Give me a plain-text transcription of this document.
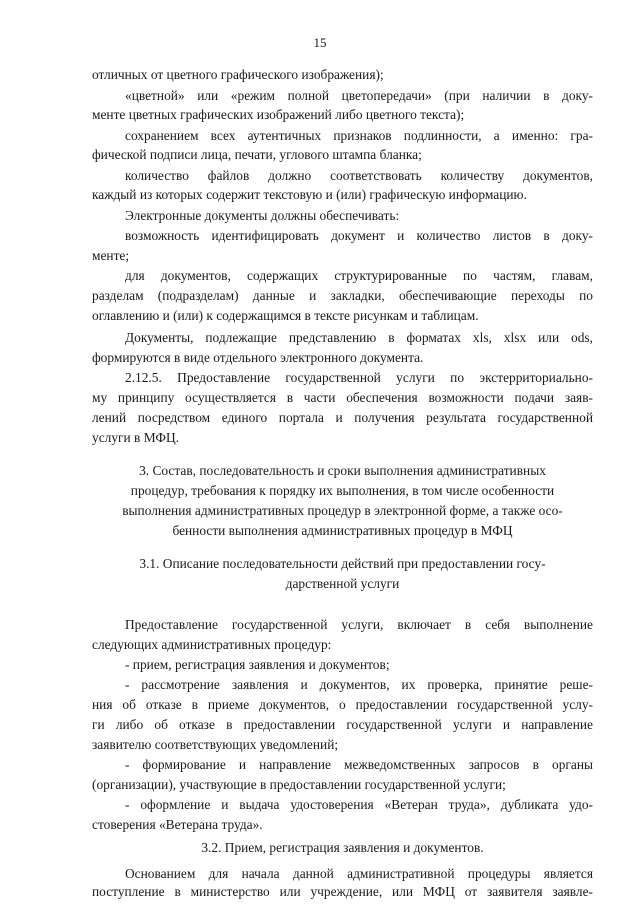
15
отличных от цветного графического изображения);
«цветной» или «режим полной цветопередачи» (при наличии в доку-
менте цветных графических изображений либо цветного текста);
сохранением всех аутентичных признаков подлинности, а именно: гра-
фической подписи лица, печати, углового штампа бланка;
количество файлов должно соответствовать количеству документов,
каждый из которых содержит текстовую и (или) графическую информацию.
Электронные документы должны обеспечивать:
возможность идентифицировать документ и количество листов в доку-
менте;
для документов, содержащих структурированные по частям, главам,
разделам (подразделам) данные и закладки, обеспечивающие переходы по
оглавлению и (или) к содержащимся в тексте рисункам и таблицам.
Документы, подлежащие представлению в форматах xls, xlsx или ods,
формируются в виде отдельного электронного документа.
2.12.5. Предоставление государственной услуги по экстерриториально-
му принципу осуществляется в части обеспечения возможности подачи заяв-
лений посредством единого портала и получения результата государственной
услуги в МФЦ.
3. Состав, последовательность и сроки выполнения административных
процедур, требования к порядку их выполнения, в том числе особенности
выполнения административных процедур в электронной форме, а также осо-
бенности выполнения административных процедур в МФЦ
3.1. Описание последовательности действий при предоставлении госу-
дарственной услуги
Предоставление государственной услуги, включает в себя выполнение
следующих административных процедур:
- прием, регистрация заявления и документов;
- рассмотрение заявления и документов, их проверка, принятие реше-
ния об отказе в приеме документов, о предоставлении государственной услу-
ги либо об отказе в предоставлении государственной услуги и направление
заявителю соответствующих уведомлений;
- формирование и направление межведомственных запросов в органы
(организации), участвующие в предоставлении государственной услуги;
- оформление и выдача удостоверения «Ветеран труда», дубликата удо-
стоверения «Ветерана труда».
3.2. Прием, регистрация заявления и документов.
Основанием для начала данной административной процедуры является
поступление в министерство или учреждение, или МФЦ от заявителя заявле-
